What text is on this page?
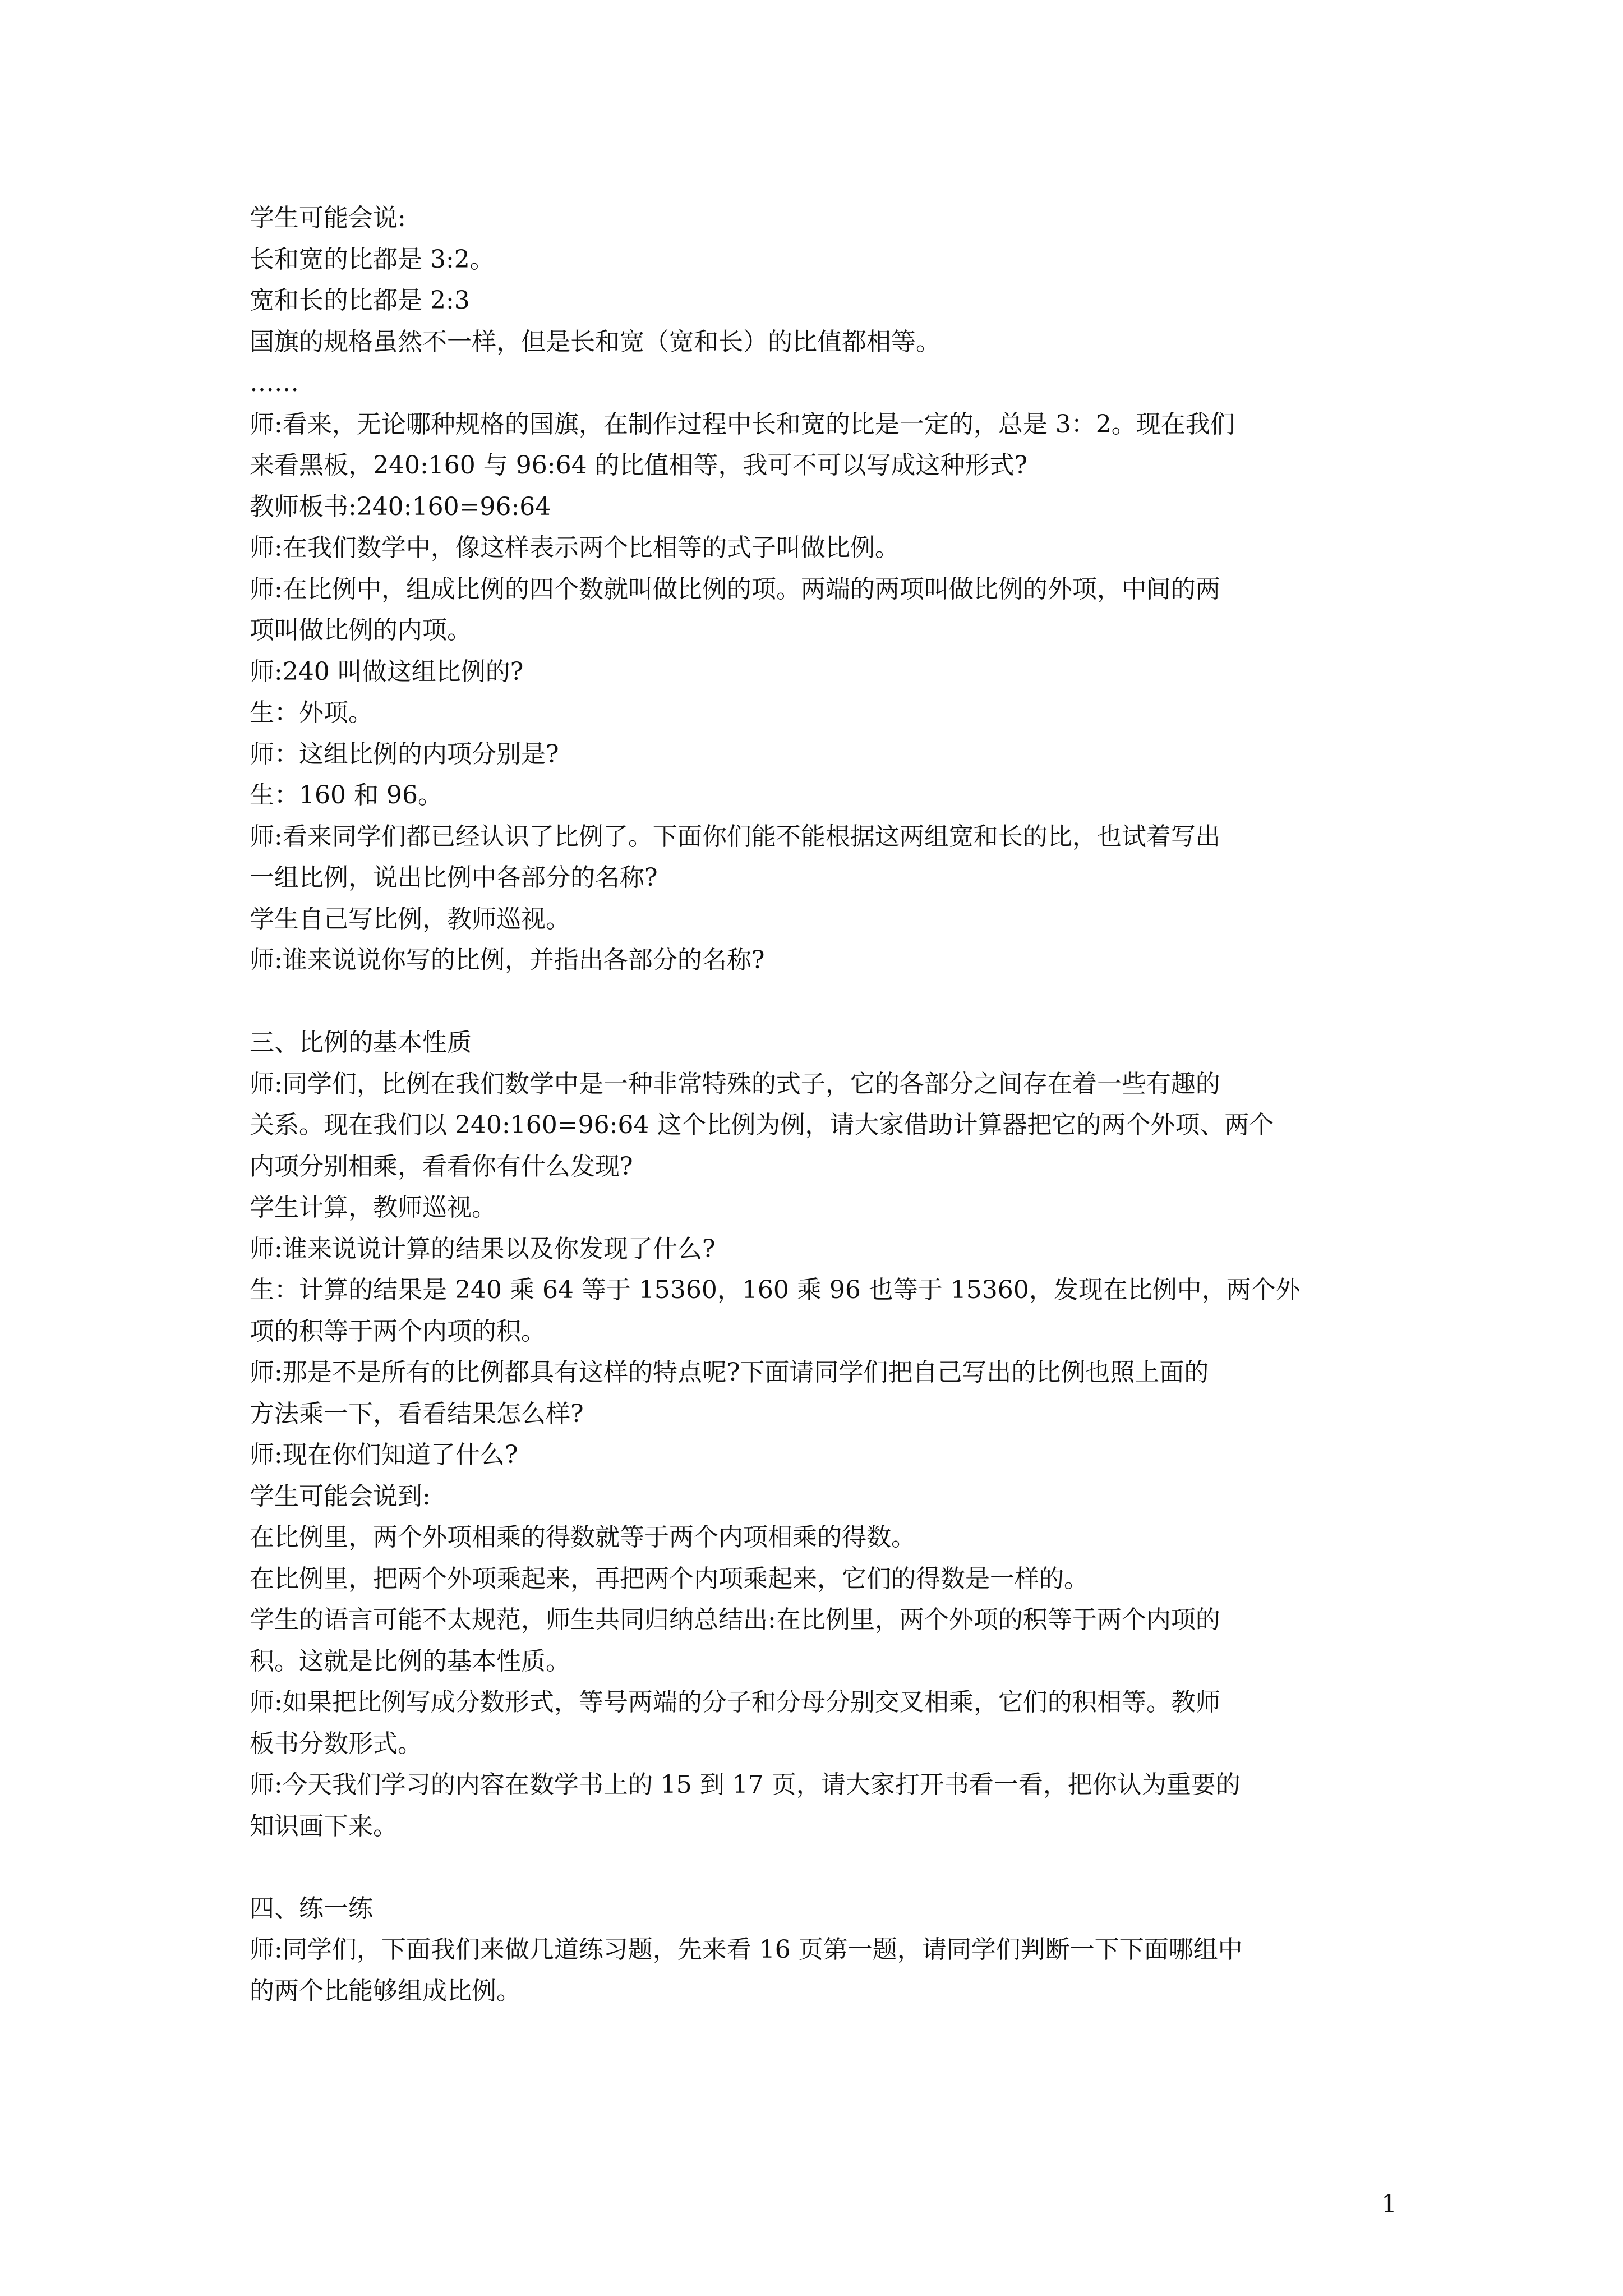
学生可能会说:

长和宽的比都是 3:2。

宽和长的比都是 2:3

国旗的规格虽然不一样，但是长和宽（宽和长）的比值都相等。

……

师:看来，无论哪种规格的国旗，在制作过程中长和宽的比是一定的，总是 3：2。现在我们

来看黑板，240:160 与 96:64 的比值相等，我可不可以写成这种形式?

教师板书:240:160=96:64

师:在我们数学中，像这样表示两个比相等的式子叫做比例。

师:在比例中，组成比例的四个数就叫做比例的项。两端的两项叫做比例的外项，中间的两

项叫做比例的内项。

师:240 叫做这组比例的?

生：外项。

师：这组比例的内项分别是?

生：160 和 96。

师:看来同学们都已经认识了比例了。下面你们能不能根据这两组宽和长的比，也试着写出

一组比例，说出比例中各部分的名称?

学生自己写比例，教师巡视。

师:谁来说说你写的比例，并指出各部分的名称?

三、比例的基本性质

师:同学们，比例在我们数学中是一种非常特殊的式子，它的各部分之间存在着一些有趣的

关系。现在我们以 240:160=96:64 这个比例为例，请大家借助计算器把它的两个外项、两个

内项分别相乘，看看你有什么发现?

学生计算，教师巡视。

师:谁来说说计算的结果以及你发现了什么?

生：计算的结果是 240 乘 64 等于 15360，160 乘 96 也等于 15360，发现在比例中，两个外

项的积等于两个内项的积。

师:那是不是所有的比例都具有这样的特点呢?下面请同学们把自己写出的比例也照上面的

方法乘一下，看看结果怎么样?

师:现在你们知道了什么?

学生可能会说到:

在比例里，两个外项相乘的得数就等于两个内项相乘的得数。

在比例里，把两个外项乘起来，再把两个内项乘起来，它们的得数是一样的。

学生的语言可能不太规范，师生共同归纳总结出:在比例里，两个外项的积等于两个内项的

积。这就是比例的基本性质。

师:如果把比例写成分数形式，等号两端的分子和分母分别交叉相乘，它们的积相等。教师

板书分数形式。

师:今天我们学习的内容在数学书上的 15 到 17 页，请大家打开书看一看，把你认为重要的

知识画下来。

四、练一练

师:同学们，下面我们来做几道练习题，先来看 16 页第一题，请同学们判断一下下面哪组中

的两个比能够组成比例。

1
